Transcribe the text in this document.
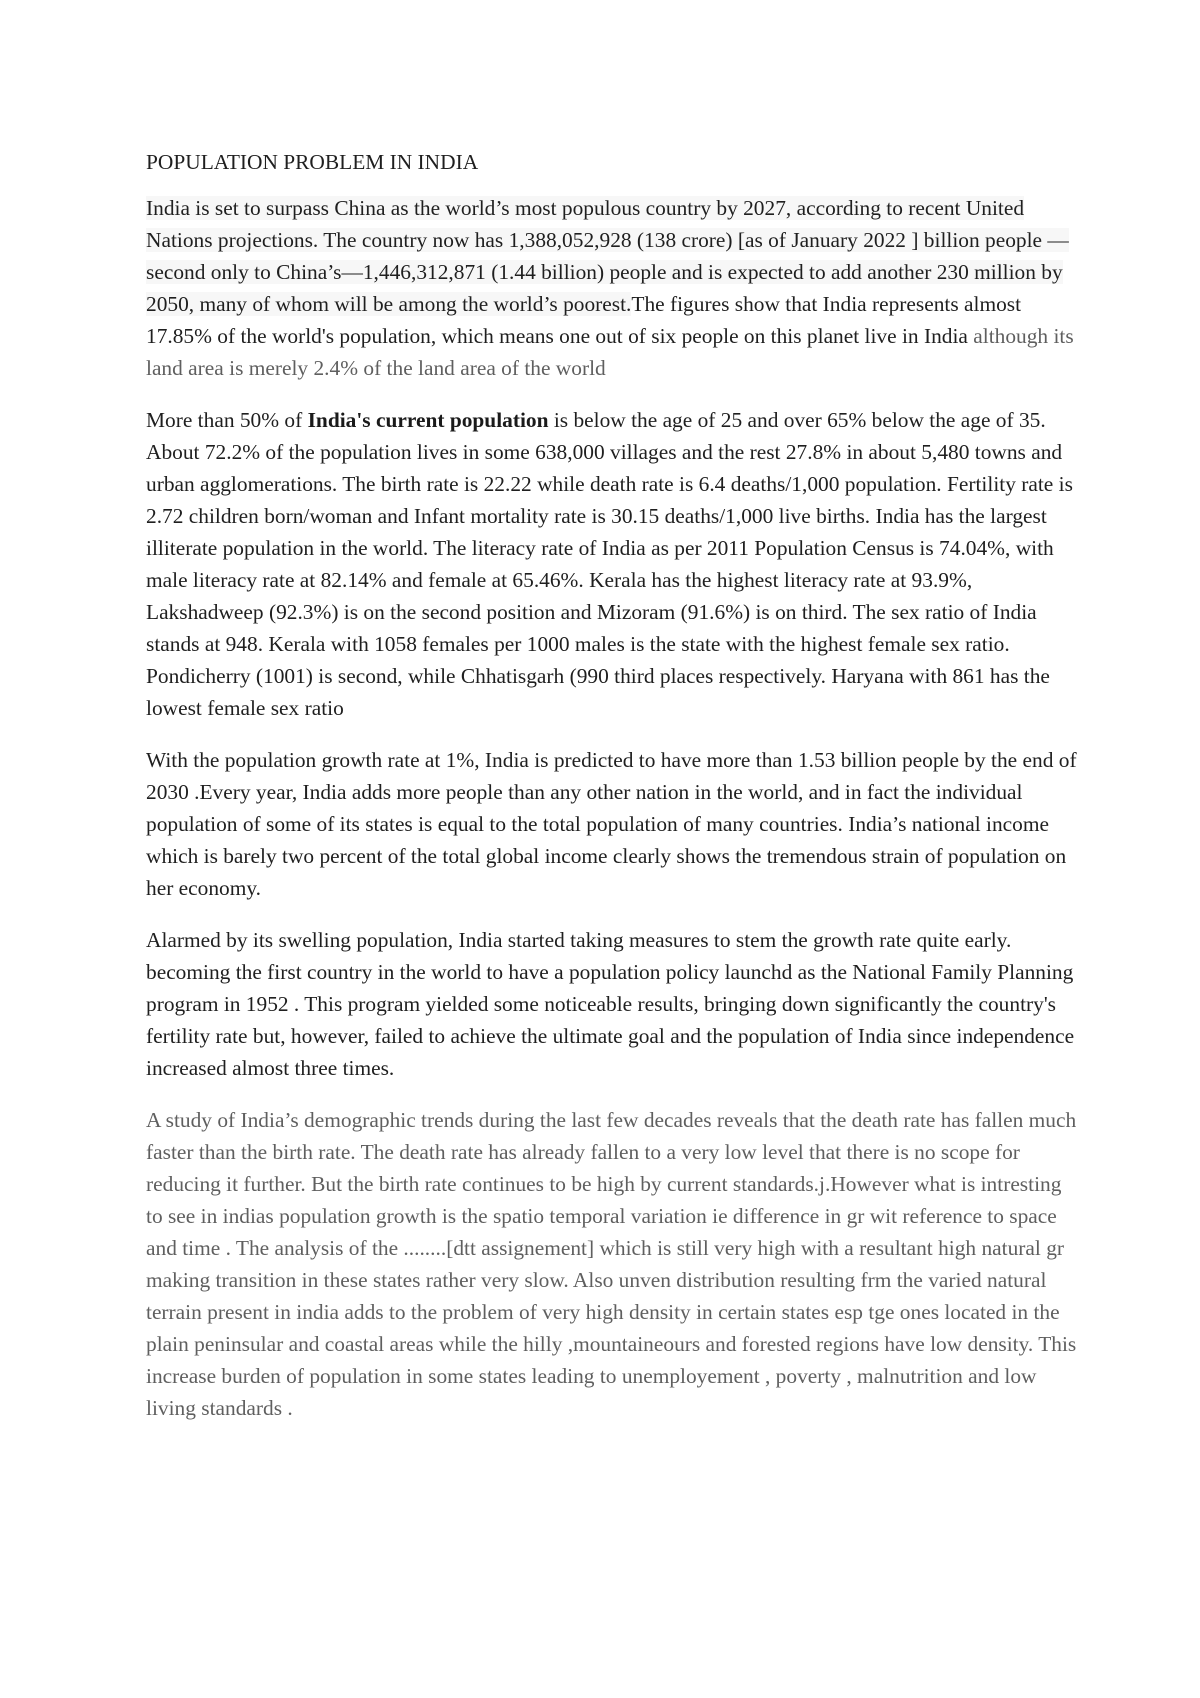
POPULATION PROBLEM IN INDIA

India is set to surpass China as the world’s most populous country by 2027, according to recent United Nations projections. The country now has 1,388,052,928 (138 crore) [as of January 2022 ] billion people — second only to China’s—1,446,312,871 (1.44 billion) people and is expected to add another 230 million by 2050, many of whom will be among the world’s poorest.The figures show that India represents almost 17.85% of the world's population, which means one out of six people on this planet live in India although its land area is merely 2.4% of the land area of the world

More than 50% of India's current population is below the age of 25 and over 65% below the age of 35. About 72.2% of the population lives in some 638,000 villages and the rest 27.8% in about 5,480 towns and urban agglomerations. The birth rate is 22.22 while death rate is 6.4 deaths/1,000 population. Fertility rate is 2.72 children born/woman and Infant mortality rate is 30.15 deaths/1,000 live births. India has the largest illiterate population in the world. The literacy rate of India as per 2011 Population Census is 74.04%, with male literacy rate at 82.14% and female at 65.46%. Kerala has the highest literacy rate at 93.9%, Lakshadweep (92.3%) is on the second position and Mizoram (91.6%) is on third. The sex ratio of India stands at 948. Kerala with 1058 females per 1000 males is the state with the highest female sex ratio. Pondicherry (1001) is second, while Chhatisgarh (990 third places respectively. Haryana with 861 has the lowest female sex ratio

With the population growth rate at 1%, India is predicted to have more than 1.53 billion people by the end of 2030 .Every year, India adds more people than any other nation in the world, and in fact the individual population of some of its states is equal to the total population of many countries. India’s national income which is barely two percent of the total global income clearly shows the tremendous strain of population on her economy.

Alarmed by its swelling population, India started taking measures to stem the growth rate quite early. becoming the first country in the world to have a population policy launchd as the National Family Planning program in 1952 . This program yielded some noticeable results, bringing down significantly the country's fertility rate but, however, failed to achieve the ultimate goal and the population of India since independence increased almost three times.

A study of India’s demographic trends during the last few decades reveals that the death rate has fallen much faster than the birth rate. The death rate has already fallen to a very low level that there is no scope for reducing it further. But the birth rate continues to be high by current standards.j.However what is intresting to see in indias population growth is the spatio temporal variation ie difference in gr wit reference to space and time . The analysis of the ........[dtt assignement] which is still very high with a resultant high natural gr making transition in these states rather very slow. Also unven distribution resulting frm the varied natural terrain present in india adds to the problem of very high density in certain states esp tge ones located in the plain peninsular and coastal areas while the hilly ,mountaineours and forested regions have low density. This increase burden of population in some states leading to unemployement , poverty , malnutrition and low living standards .
